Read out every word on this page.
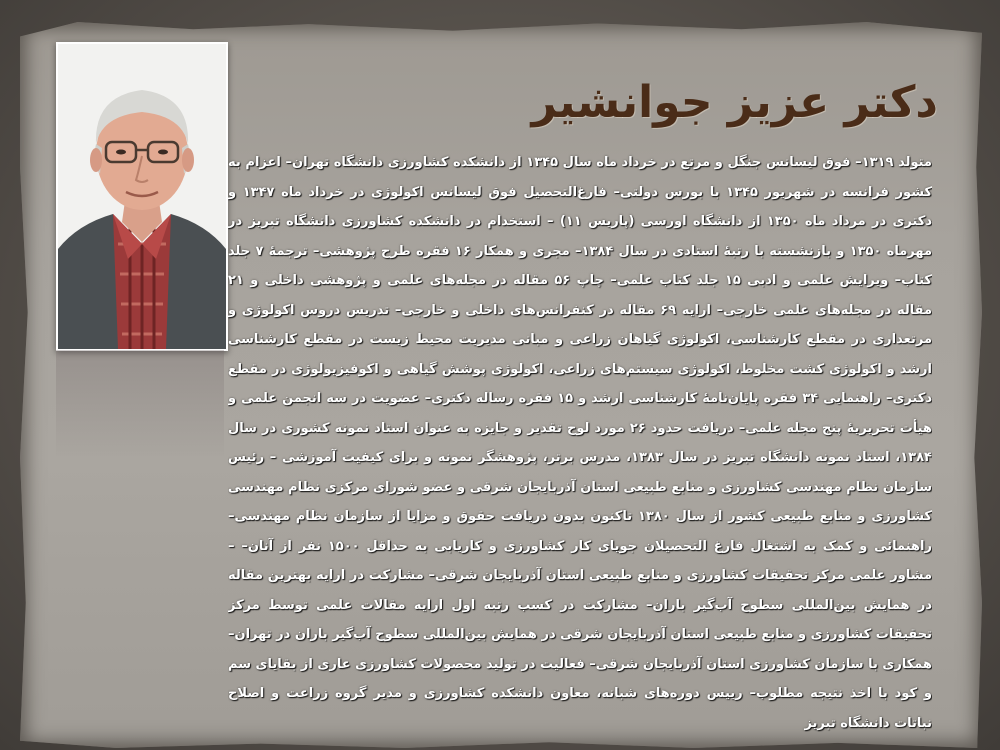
دکتر عزیز جوانشیر

متولد ۱۳۱۹– فوق لیسانس جنگل و مرتع در خرداد ماه سال ۱۳۴۵ از دانشکده کشاورزی دانشگاه تهران– اعزام به کشور فرانسه در شهریور ۱۳۴۵ با بورس دولتی– فارغ‌التحصیل فوق لیسانس اکولوژی در خرداد ماه ۱۳۴۷ و دکتری در مرداد ماه ۱۳۵۰ از دانشگاه اورسی (پاریس ۱۱) – استخدام در دانشکده کشاورزی دانشگاه تبریز در مهرماه ۱۳۵۰ و بازنشسته با رتبهٔ استادی در سال ۱۳۸۴– مجری و همکار ۱۶ فقره طرح پژوهشی– ترجمهٔ ۷ جلد کتاب– ویرایش علمی و ادبی ۱۵ جلد کتاب علمی– چاپ ۵۶ مقاله در مجله‌های علمی و پژوهشی داخلی و ۲۱ مقاله در مجله‌های علمی خارجی– ارایه ۶۹ مقاله در کنفرانس‌های داخلی و خارجی– تدریس دروس اکولوژی و مرتعداری در مقطع کارشناسی، اکولوژی گیاهان زراعی و مبانی مدیریت محیط زیست در مقطع کارشناسی ارشد و اکولوژی کشت مخلوط، اکولوژی سیستم‌های زراعی، اکولوژی پوشش گیاهی و اکوفیزیولوژی در مقطع دکتری– راهنمایی ۳۴ فقره پایان‌نامهٔ کارشناسی ارشد و ۱۵ فقره رساله دکتری– عضویت در سه انجمن علمی و هیأت تحریریهٔ پنج مجله علمی– دریافت حدود ۲۶ مورد لوح تقدیر و جایزه به عنوان استاد نمونه کشوری در سال ۱۳۸۴، استاد نمونه دانشگاه تبریز در سال ۱۳۸۳، مدرس برتر، پژوهشگر نمونه و برای کیفیت آموزشی – رئیس سازمان نظام مهندسی کشاورزی و منابع طبیعی استان آذربایجان شرقی و عضو شورای مرکزی نظام مهندسی کشاورزی و منابع طبیعی کشور از سال ۱۳۸۰ تاکنون بدون دریافت حقوق و مزایا از سازمان نظام مهندسی– راهنمائی و کمک به اشتغال فارغ التحصیلان جویای کار کشاورزی و کاریابی به حداقل ۱۵۰۰ نفر از آنان– – مشاور علمی مرکز تحقیقات کشاورزی و منابع طبیعی استان آذربایجان شرقی– مشارکت در ارایه بهترین مقاله در همایش بین‌المللی سطوح آب‌گیر باران– مشارکت در کسب رتبه اول ارایه مقالات علمی توسط مرکز تحقیقات کشاورزی و منابع طبیعی استان آذربایجان شرقی در همایش بین‌المللی سطوح آب‌گیر باران در تهران– همکاری با سازمان کشاورزی استان آذربایجان شرقی– فعالیت در تولید محصولات کشاورزی عاری از بقایای سم و کود با اخذ نتیجه مطلوب– رییس دوره‌های شبانه، معاون دانشکده کشاورزی و مدیر گروه زراعت و اصلاح نباتات دانشگاه تبریز
